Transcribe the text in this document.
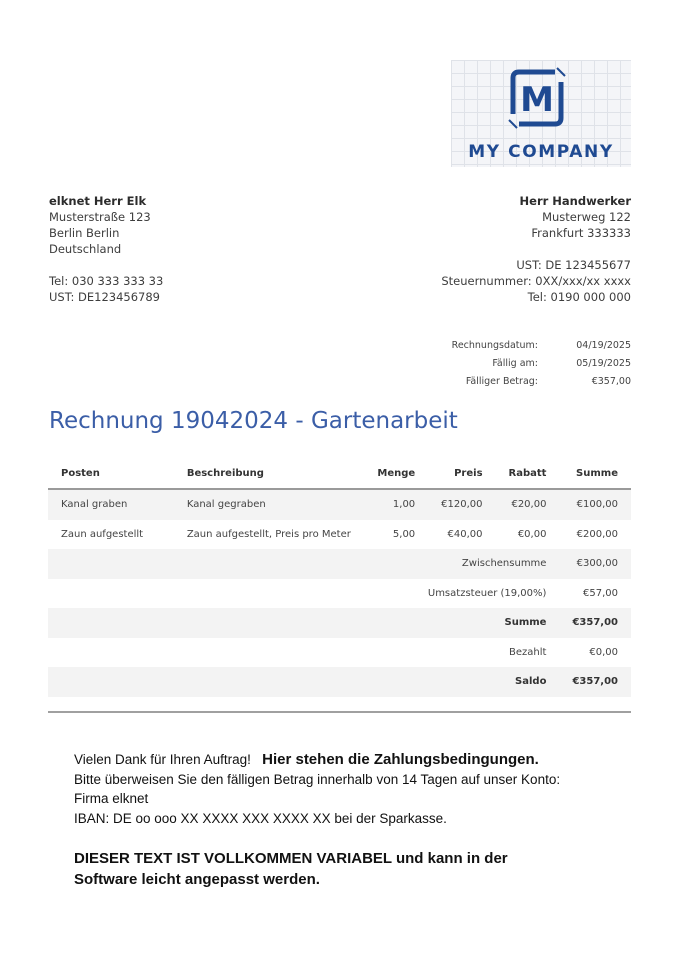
M
MY COMPANY
elknet Herr Elk
Musterstraße 123
Berlin Berlin
Deutschland
Tel: 030 333 333 33
UST: DE123456789
Herr Handwerker
Musterweg 122
Frankfurt 333333
UST: DE 123455677
Steuernummer: 0XX/xxx/xx xxxx
Tel: 0190 000 000
Rechnungsdatum:	04/19/2025
Fällig am:	05/19/2025
Fälliger Betrag:	€357,00
Rechnung 19042024 - Gartenarbeit
Posten	Beschreibung	Menge	Preis	Rabatt	Summe
Kanal graben	Kanal gegraben	1,00	€120,00	€20,00	€100,00
Zaun aufgestellt	Zaun aufgestellt, Preis pro Meter	5,00	€40,00	€0,00	€200,00
Zwischensumme					€300,00
Umsatzsteuer (19,00%)					€57,00
Summe					€357,00
Bezahlt					€0,00
Saldo					€357,00
Vielen Dank für Ihren Auftrag! Hier stehen die Zahlungsbedingungen.
Bitte überweisen Sie den fälligen Betrag innerhalb von 14 Tagen auf unser Konto:
Firma elknet
IBAN: DE oo ooo XX XXXX XXX XXXX XX bei der Sparkasse.
DIESER TEXT IST VOLLKOMMEN VARIABEL und kann in der
Software leicht angepasst werden.
